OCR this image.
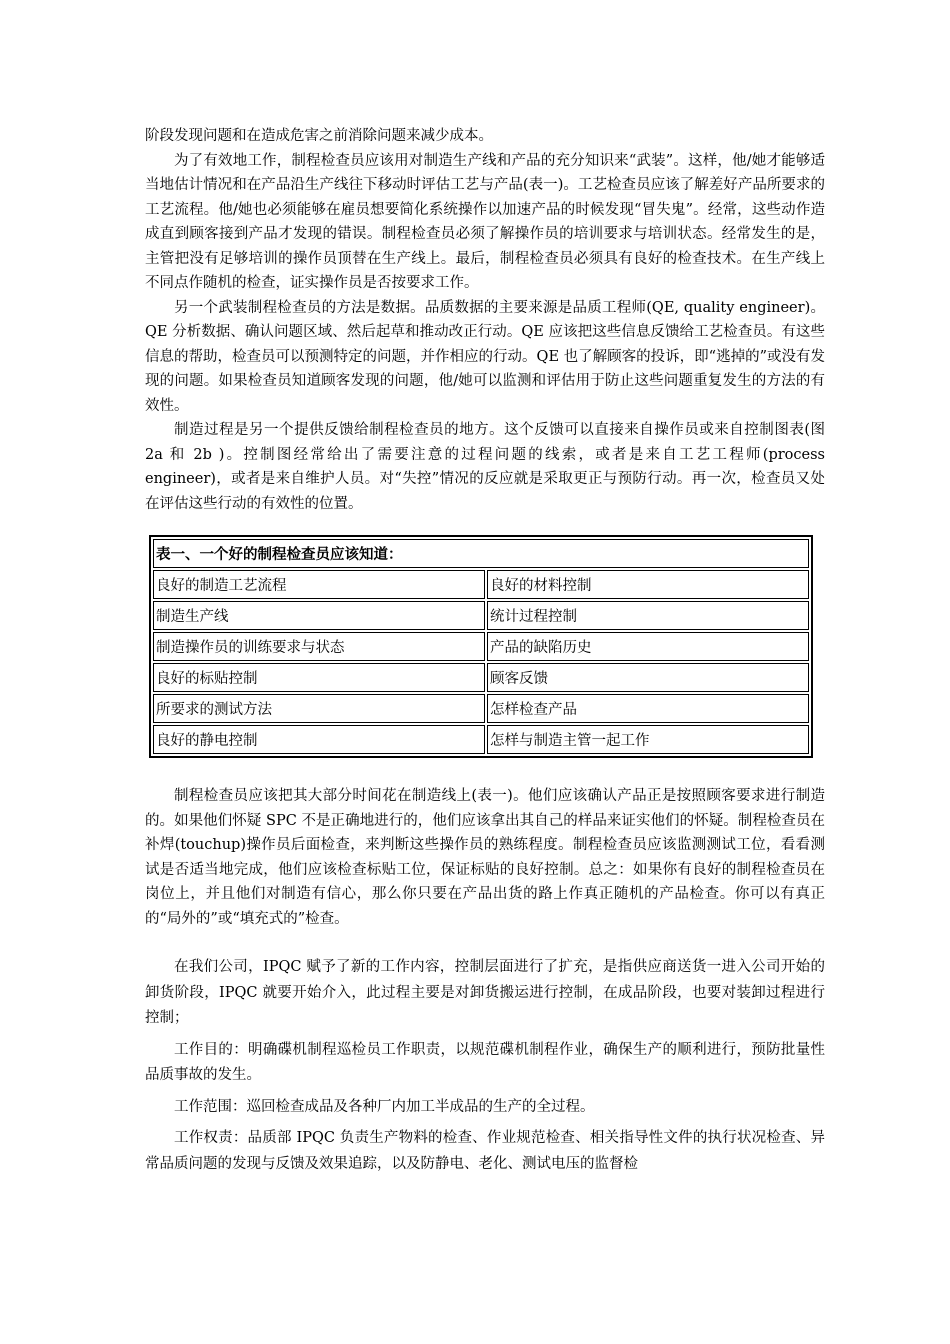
阶段发现问题和在造成危害之前消除问题来减少成本。

为了有效地工作，制程检查员应该用对制造生产线和产品的充分知识来“武装”。这样，他/她才能够适当地估计情况和在产品沿生产线往下移动时评估工艺与产品(表一)。工艺检查员应该了解差好产品所要求的工艺流程。他/她也必须能够在雇员想要简化系统操作以加速产品的时候发现“冒失鬼”。经常，这些动作造成直到顾客接到产品才发现的错误。制程检查员必须了解操作员的培训要求与培训状态。经常发生的是，主管把没有足够培训的操作员顶替在生产线上。最后，制程检查员必须具有良好的检查技术。在生产线上不同点作随机的检查，证实操作员是否按要求工作。

另一个武装制程检查员的方法是数据。品质数据的主要来源是品质工程师(QE, quality engineer)。QE 分析数据、确认问题区域、然后起草和推动改正行动。QE 应该把这些信息反馈给工艺检查员。有这些信息的帮助，检查员可以预测特定的问题，并作相应的行动。QE 也了解顾客的投诉，即“逃掉的”或没有发现的问题。如果检查员知道顾客发现的问题，他/她可以监测和评估用于防止这些问题重复发生的方法的有效性。

制造过程是另一个提供反馈给制程检查员的地方。这个反馈可以直接来自操作员或来自控制图表(图 2a 和 2b )。控制图经常给出了需要注意的过程问题的线索，或者是来自工艺工程师(process engineer)，或者是来自维护人员。对“失控”情况的反应就是采取更正与预防行动。再一次，检查员又处在评估这些行动的有效性的位置。

表一、一个好的制程检查员应该知道：	
良好的制造工艺流程	良好的材料控制
制造生产线	统计过程控制
制造操作员的训练要求与状态	产品的缺陷历史
良好的标贴控制	顾客反馈
所要求的测试方法	怎样检查产品
良好的静电控制	怎样与制造主管一起工作

制程检查员应该把其大部分时间花在制造线上(表一)。他们应该确认产品正是按照顾客要求进行制造的。如果他们怀疑 SPC 不是正确地进行的，他们应该拿出其自己的样品来证实他们的怀疑。制程检查员在补焊(touchup)操作员后面检查，来判断这些操作员的熟练程度。制程检查员应该监测测试工位，看看测试是否适当地完成，他们应该检查标贴工位，保证标贴的良好控制。总之：如果你有良好的制程检查员在岗位上，并且他们对制造有信心，那么你只要在产品出货的路上作真正随机的产品检查。你可以有真正的“局外的”或“填充式的”检查。

在我们公司，IPQC 赋予了新的工作内容，控制层面进行了扩充，是指供应商送货一进入公司开始的卸货阶段，IPQC 就要开始介入，此过程主要是对卸货搬运进行控制，在成品阶段，也要对装卸过程进行控制；

工作目的：明确碟机制程巡检员工作职责，以规范碟机制程作业，确保生产的顺利进行，预防批量性品质事故的发生。

工作范围：巡回检查成品及各种厂内加工半成品的生产的全过程。

工作权责：品质部 IPQC 负责生产物料的检查、作业规范检查、相关指导性文件的执行状况检查、异常品质问题的发现与反馈及效果追踪，以及防静电、老化、测试电压的监督检
